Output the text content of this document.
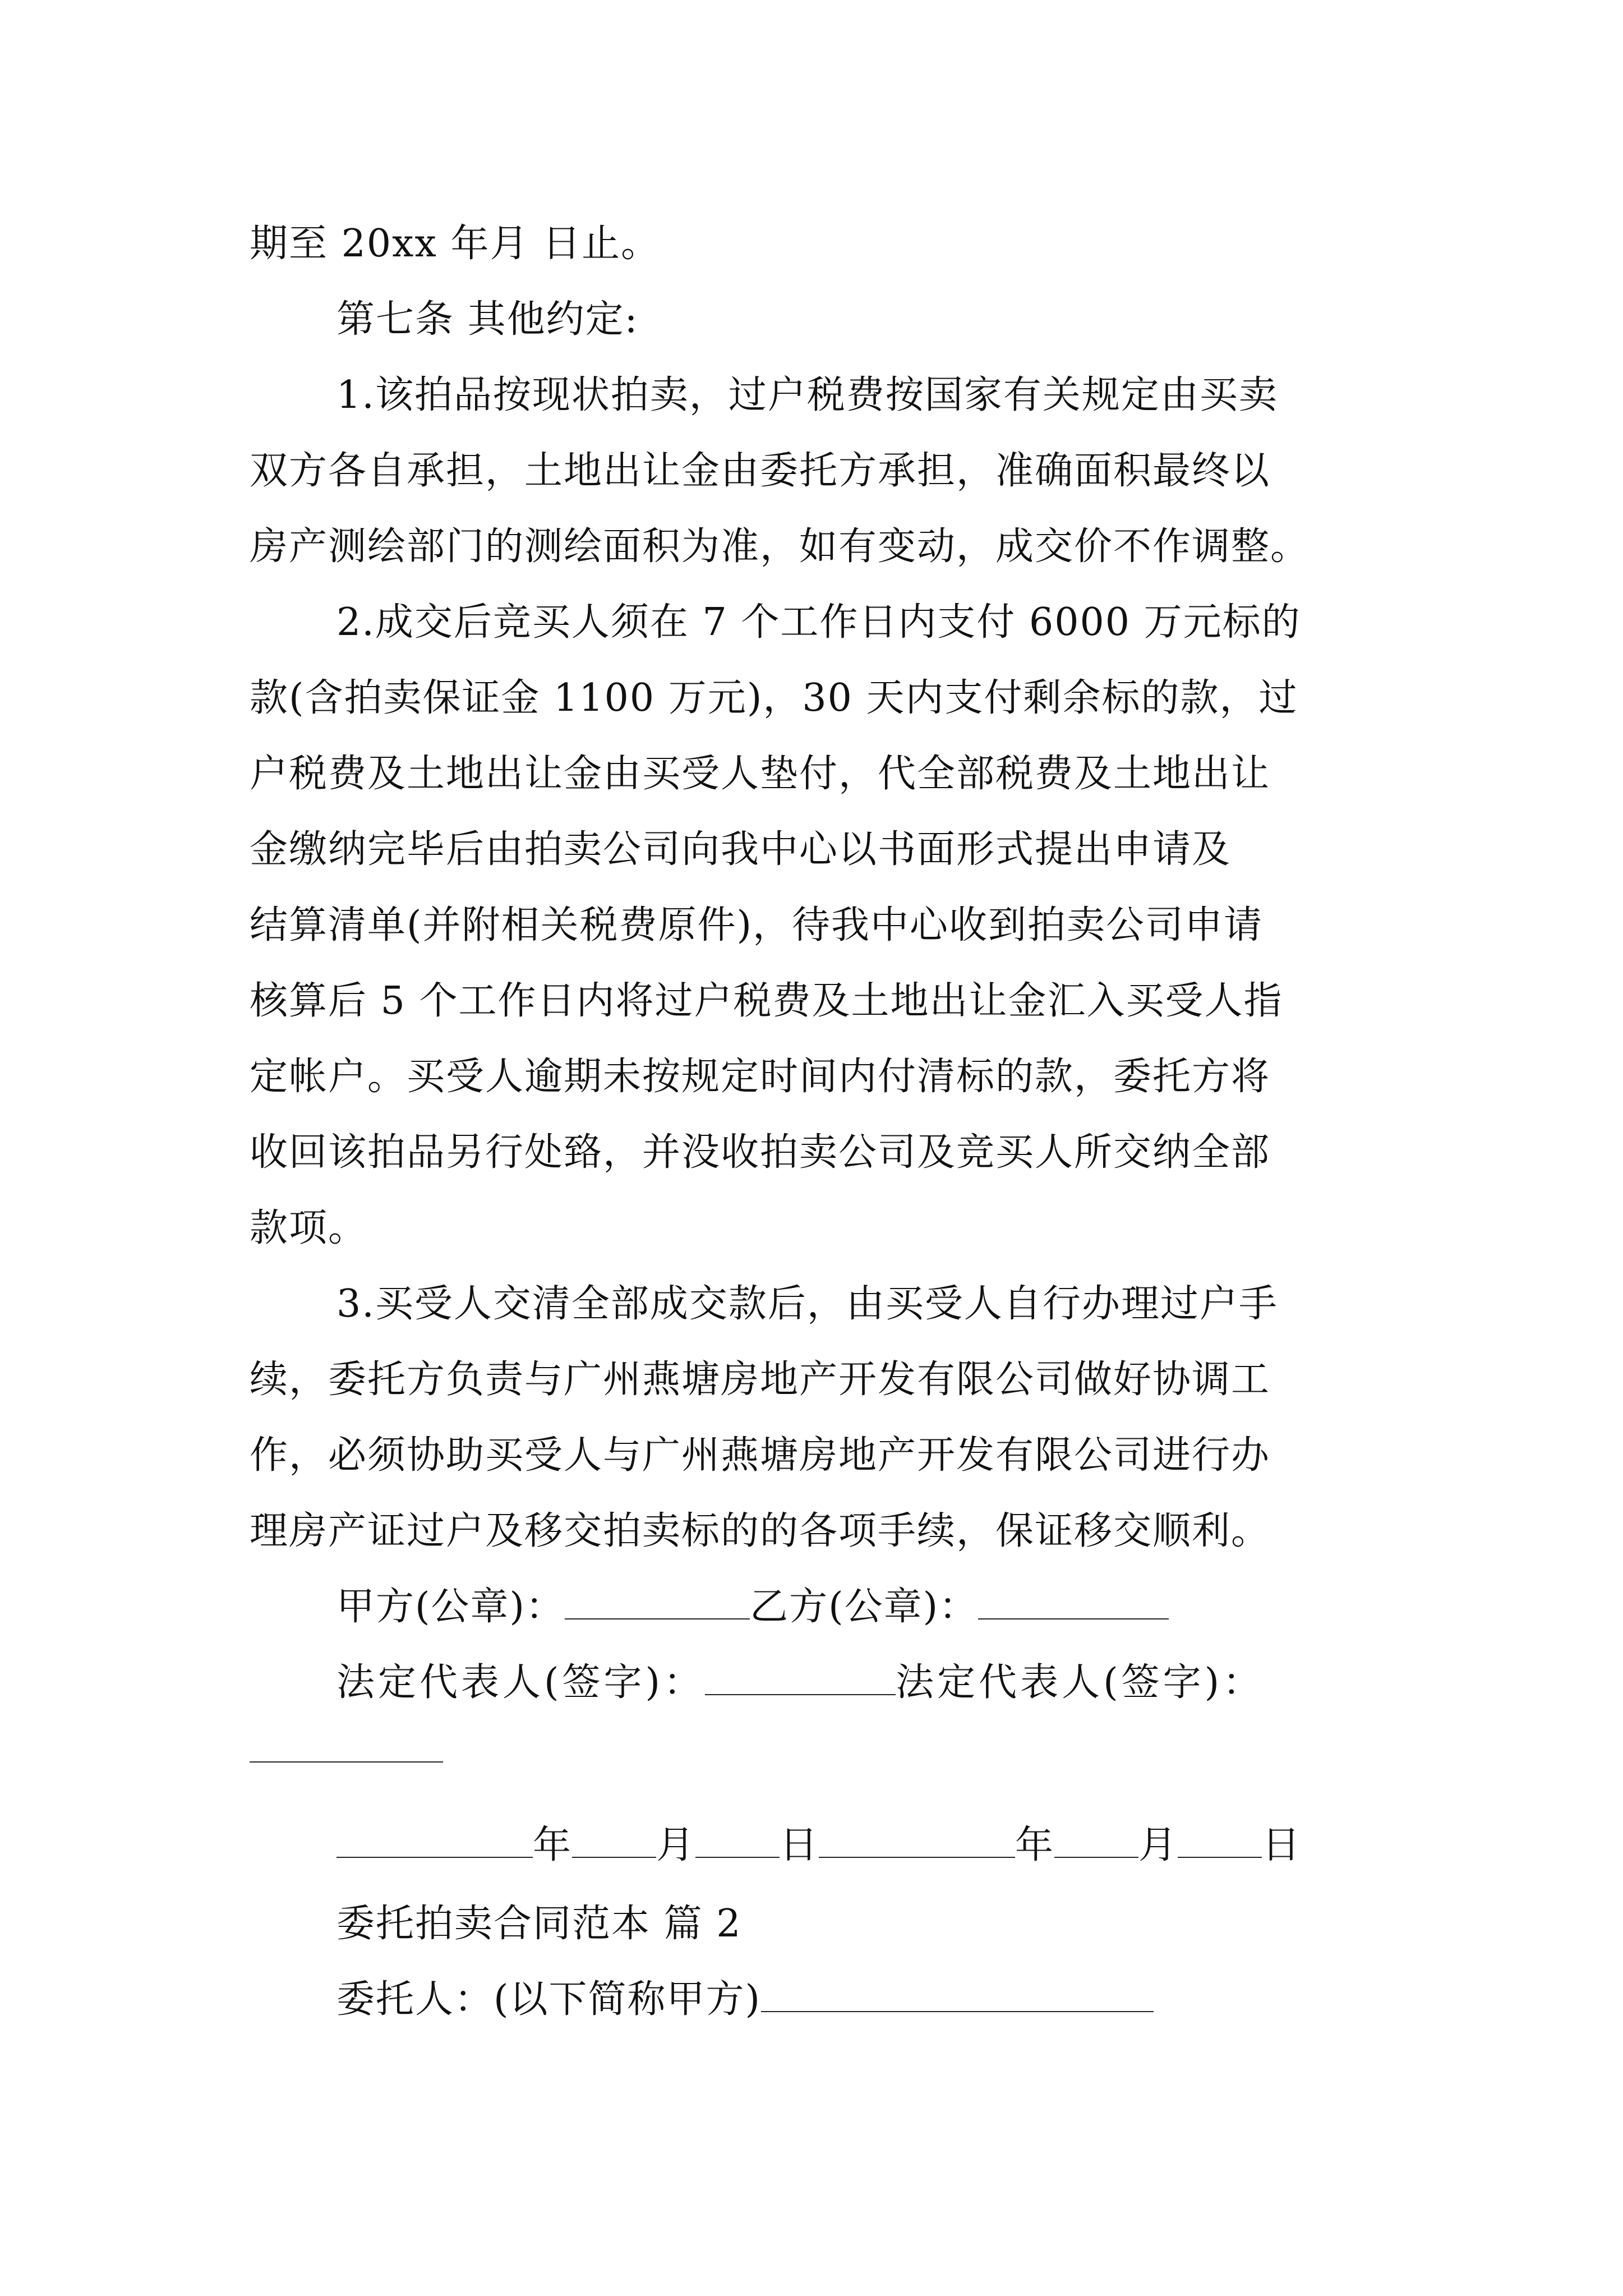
期至 20xx 年月 日止。
第七条 其他约定:
1.该拍品按现状拍卖，过户税费按国家有关规定由买卖
双方各自承担，土地出让金由委托方承担，准确面积最终以
房产测绘部门的测绘面积为准，如有变动，成交价不作调整。
2.成交后竞买人须在 7 个工作日内支付 6000 万元标的
款(含拍卖保证金 1100 万元)，30 天内支付剩余标的款，过
户税费及土地出让金由买受人垫付，代全部税费及土地出让
金缴纳完毕后由拍卖公司向我中心以书面形式提出申请及
结算清单(并附相关税费原件)，待我中心收到拍卖公司申请
核算后 5 个工作日内将过户税费及土地出让金汇入买受人指
定帐户。买受人逾期未按规定时间内付清标的款，委托方将
收回该拍品另行处臵，并没收拍卖公司及竞买人所交纳全部
款项。
3.买受人交清全部成交款后，由买受人自行办理过户手
续，委托方负责与广州燕塘房地产开发有限公司做好协调工
作，必须协助买受人与广州燕塘房地产开发有限公司进行办
理房产证过户及移交拍卖标的的各项手续，保证移交顺利。
甲方(公章)：	乙方(公章)：
法定代表人(签字)：	法定代表人(签字)：
年 月 日	年 月 日
委托拍卖合同范本 篇 2
委托人：(以下简称甲方)
